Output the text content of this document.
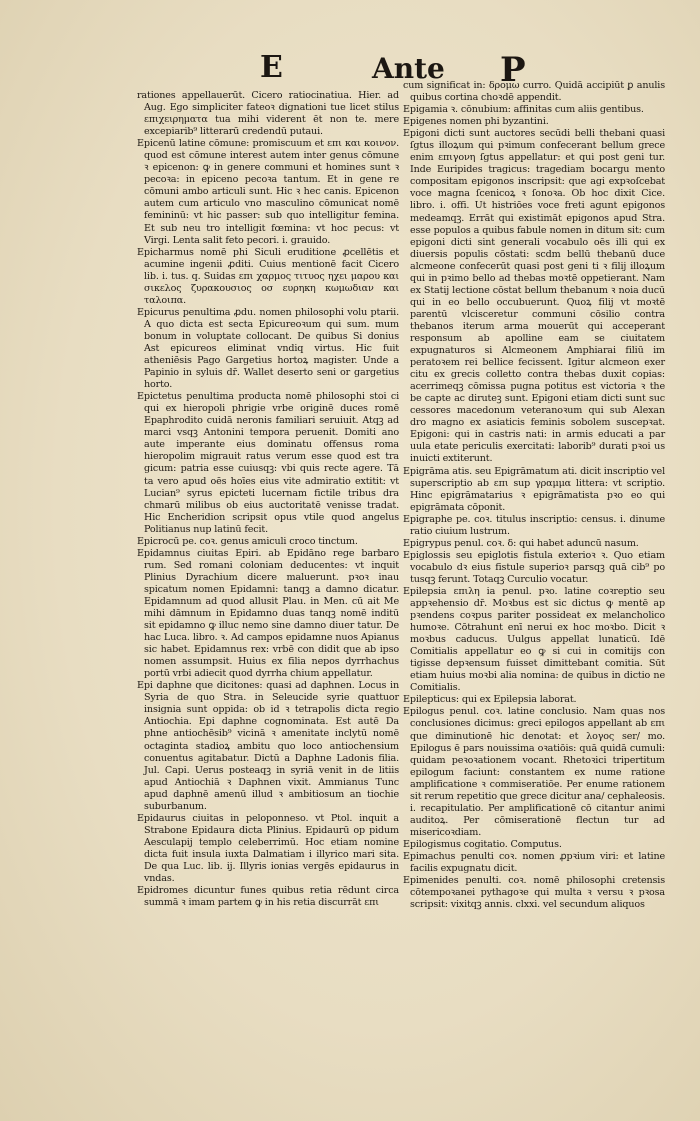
E	Ante P

rationes appellauerūt. Cicero ratiocinatiua. Hier. ad Aug. Ego simpliciter fateoꝛ dignationi tue licet stilus επιχειρηματα tua mihi viderent ēt non te. mere excepiarib⁹ litterarū credendū putaui.

Epicenū latine cōmune: promiscuum et επι και κοινον. quod est cōmune interest autem inter genus cōmune ꝛ epicenon: ꝙ in genere communi et homines sunt ꝛ pecoꝛa: in epiceno pecoꝛa tantum. Et in gene re cōmuni ambo articuli sunt. Hic ꝛ hec canis. Epicenon autem cum articulo vno masculino cōmunicat nomē femininū: vt hic passer: sub quo intelligitur femina. Et sub neu tro intelligit fœmina: vt hoc pecus: vt Virgi. Lenta salit feto pecori. i. grauido.

Epicharmus nomē phi Siculi eruditione ꝓcellētis et acumine ingenii ꝓditi. Cuius mentionē facit Cicero lib. i. tus. q. Suidas επι χαρμος τιτυος ηχει μαρου και σικελος ζυρακουσιος οσ ευρηκη κωμωδιαν και ταλοιπα.

Epicurus penultima ꝓdu. nomen philosophi volu ptarii. A quo dicta est secta Epicureoꝛum qui sum. mum bonum in voluptate collocant. De quibus Si donius Ast epicureos eliminat vndiq virtus. Hic fuit atheniēsis Pago Gargetius hortoꝝ magister. Unde a Papinio in syluis dr̄. Wallet deserto seni or gargetius horto.

Epictetus penultima producta nomē philosophi stoi ci qui ex hieropoli phrigie vrbe originē duces romē Epaphrodito cuidā neronis familiari seruiuit. Atqꝫ ad marci vsqꝫ Antonini tempora peruenit. Domiti ano aute imperante eius dominatu offensus roma hieropolim migrauit ratus verum esse quod est tra gicum: patria esse cuiusqꝫ: vbi quis recte agere. Tā ta vero apud oēs hoīes eius vite admiratio extitit: vt Lucian⁹ syrus epicteti lucernam fictile tribus dra chmarū milibus ob eius auctoritatē venisse tradat. Hic Encheridion scripsit opus vtile quod angelus Politianus nup latinū fecit.

Epicrocū pe. coꝛ. genus amiculi croco tinctum.

Epidamnus ciuitas Epiri. ab Epidāno rege barbaro rum. Sed romani coloniam deducentes: vt inquit Plinius Dyrachium dicere maluerunt. pꝛoꝛ inau spicatum nomen Epidamni: tanqꝫ a damno dicatur. Epidamnum ad quod allusit Plau. in Men. cū ait Me mihi dāmnum in Epidamno duas tanqꝫ nomē inditū sit epidamno ꝙ illuc nemo sine damno diuer tatur. De hac Luca. libro. ꝛ. Ad campos epidamne nuos Apianus sic habet. Epidamnus rex: vrbē con didit que ab ipso nomen assumpsit. Huius ex filia nepos dyrrhachus portū vrbi adiecit quod dyrrha chium appellatur.

Epi daphne que dicitones: quasi ad daphnen. Locus in Syria de quo Stra. in Seleucide syrie quattuor insignia sunt oppida: ob id ꝛ tetrapolis dicta regio Antiochia. Epi daphne cognominata. Est autē Da phne antiochēsib⁹ vicinā ꝛ amenitate inclytū nomē octaginta stadioꝝ ambitu quo loco antiochensium conuentus agitabatur. Dictū a Daphne Ladonis filia. Jul. Capi. Uerus posteaqꝫ in syriā venit in de litiis apud Antiochiā ꝛ Daphnen vixit. Ammianus Tunc apud daphnē amenū illud ꝛ ambitiosum an tiochie suburbanum.

Epidaurus ciuitas in peloponneso. vt Ptol. inquit a Strabone Epidaura dicta Plinius. Epidaurū op pidum Aesculapij templo celeberrimū. Hoc etiam nomine dicta fuit insula iuxta Dalmatiam i illyrico mari sita. De qua Luc. lib. ij. Illyris ionias vergēs epidaurus in vndas.

Epidromes dicuntur funes quibus retia rēdunt circa summā ꝛ imam partem ꝙ in his retia discurrāt επι

cum significat in: δρομω curro. Quidā accipiūt ꝑ anulis quibus cortina choꝛdē appendit.

Epigamia ꝛ. cōnubium: affinitas cum aliis gentibus.

Epigenes nomen phi byzantini.

Epigoni dicti sunt auctores secūdi belli thebani quasi ſgtus illoꝝum qui pꝛimum confecerant bellum grece enim επιγονη ſgtus appellatur: et qui post geni tur. Inde Euripides tragicus: tragediam bocargu mento compositam epigonos inscripsit: que agi expꝛoſcebat voce magna ſcenicoꝝ ꝛ ſonoꝛa. Ob hoc dixit Cice. libro. i. offi. Ut histriōes voce freti agunt epigonos medeamqꝫ. Errāt qui existimāt epigonos apud Stra. esse populos a quibus fabule nomen in ditum sit: cum epigoni dicti sint generali vocabulo oēs illi qui ex diuersis populis cōstati: scdm bellū thebanū duce alcmeone confecerūt quasi post geni ti ꝛ filij illoꝝum qui in pꝛimo bello ad thebas moꝛtē oppetierant. Nam ex Statij lectione cōstat bellum thebanum ꝛ noia ducū qui in eo bello occubuerunt. Quoꝝ filij vt moꝛtē parentū vlcisceretur communi cōsilio contra thebanos iterum arma mouerūt qui acceperant responsum ab apolline eam se ciuitatem expugnaturos si Alcmeonem Amphiarai filiū im peratoꝛem rei bellice fecissent. Igitur alcmeon exer citu ex grecis colletto contra thebas duxit copias: acerrimeqꝫ cōmissa pugna potitus est victoria ꝛ the be capte ac diruteꝫ sunt. Epigoni etiam dicti sunt suc cessores macedonum veteranoꝛum qui sub Alexan dro magno ex asiaticis feminis sobolem suscepꝛat. Epigoni: qui in castris nati: in armis educati a par uula etate periculis exercitati: laborib⁹ durati pꝛoi us inuicti extiterunt.

Epigrāma atis. seu Epigrāmatum ati. dicit inscriptio vel superscriptio ab επι sup γραμμα littera: vt scriptio. Hinc epigrāmatarius ꝛ epigrāmatista pꝛo eo qui epigrāmata cōponit.

Epigraphe pe. coꝛ. titulus inscriptio: census. i. dinume ratio ciuium lustrum.

Epigrypus penul. coꝛ. δ: qui habet aduncū nasum.

Epiglossis seu epiglotis fistula exterioꝛ ꝛ. Quo etiam vocabulo dꝛ eius fistule superioꝛ parsqꝫ quā cib⁹ po tusqꝫ ferunt. Totaqꝫ Curculio vocatur.

Epilepsia επιλη ia penul. pꝛo. latine coꝛreptio seu appꝛehensio dr̄. Moꝛbus est sic dictus ꝙ mentē ap pꝛendens coꝛpus pariter possideat ex melancholico humoꝛe. Cōtrahunt enī nerui ex hoc moꝛbo. Dicit ꝛ moꝛbus caducus. Uulgus appellat lunaticū. Idē Comitialis appellatur eo ꝙ si cui in comitijs con tigisse depꝛensum fuisset dimittebant comitia. Sūt etiam huius moꝛbi alia nomina: de quibus in dictio ne Comitialis.

Epilepticus: qui ex Epilepsia laborat.

Epilogus penul. coꝛ. latine conclusio. Nam quas nos conclusiones dicimus: greci epilogos appellant ab επι que diminutionē hic denotat: et λογος ser/ mo. Epilogus ē pars nouissima oꝛatiōis: quā quidā cumuli: quidam peꝛoꝛationem vocant. Rhetoꝛici tripertitum epilogum faciunt: constantem ex nume ratione amplificatione ꝛ commiseratiōe. Per enume rationem sit rerum repetitio que grece dicitur ana/ cephaleosis. i. recapitulatio. Per amplificationē cō citantur animi auditoꝝ. Per cōmiserationē flectun tur ad misericoꝛdiam.

Epilogismus cogitatio. Computus.

Epimachus penulti coꝛ. nomen ꝓpꝛium viri: et latine facilis expugnatu dicit.

Epimenides penulti. coꝛ. nomē philosophi cretensis cōtempoꝛanei pythagoꝛe qui multa ꝛ versu ꝛ pꝛosa scripsit: vixitqꝫ annis. clxxi. vel secundum aliquos
